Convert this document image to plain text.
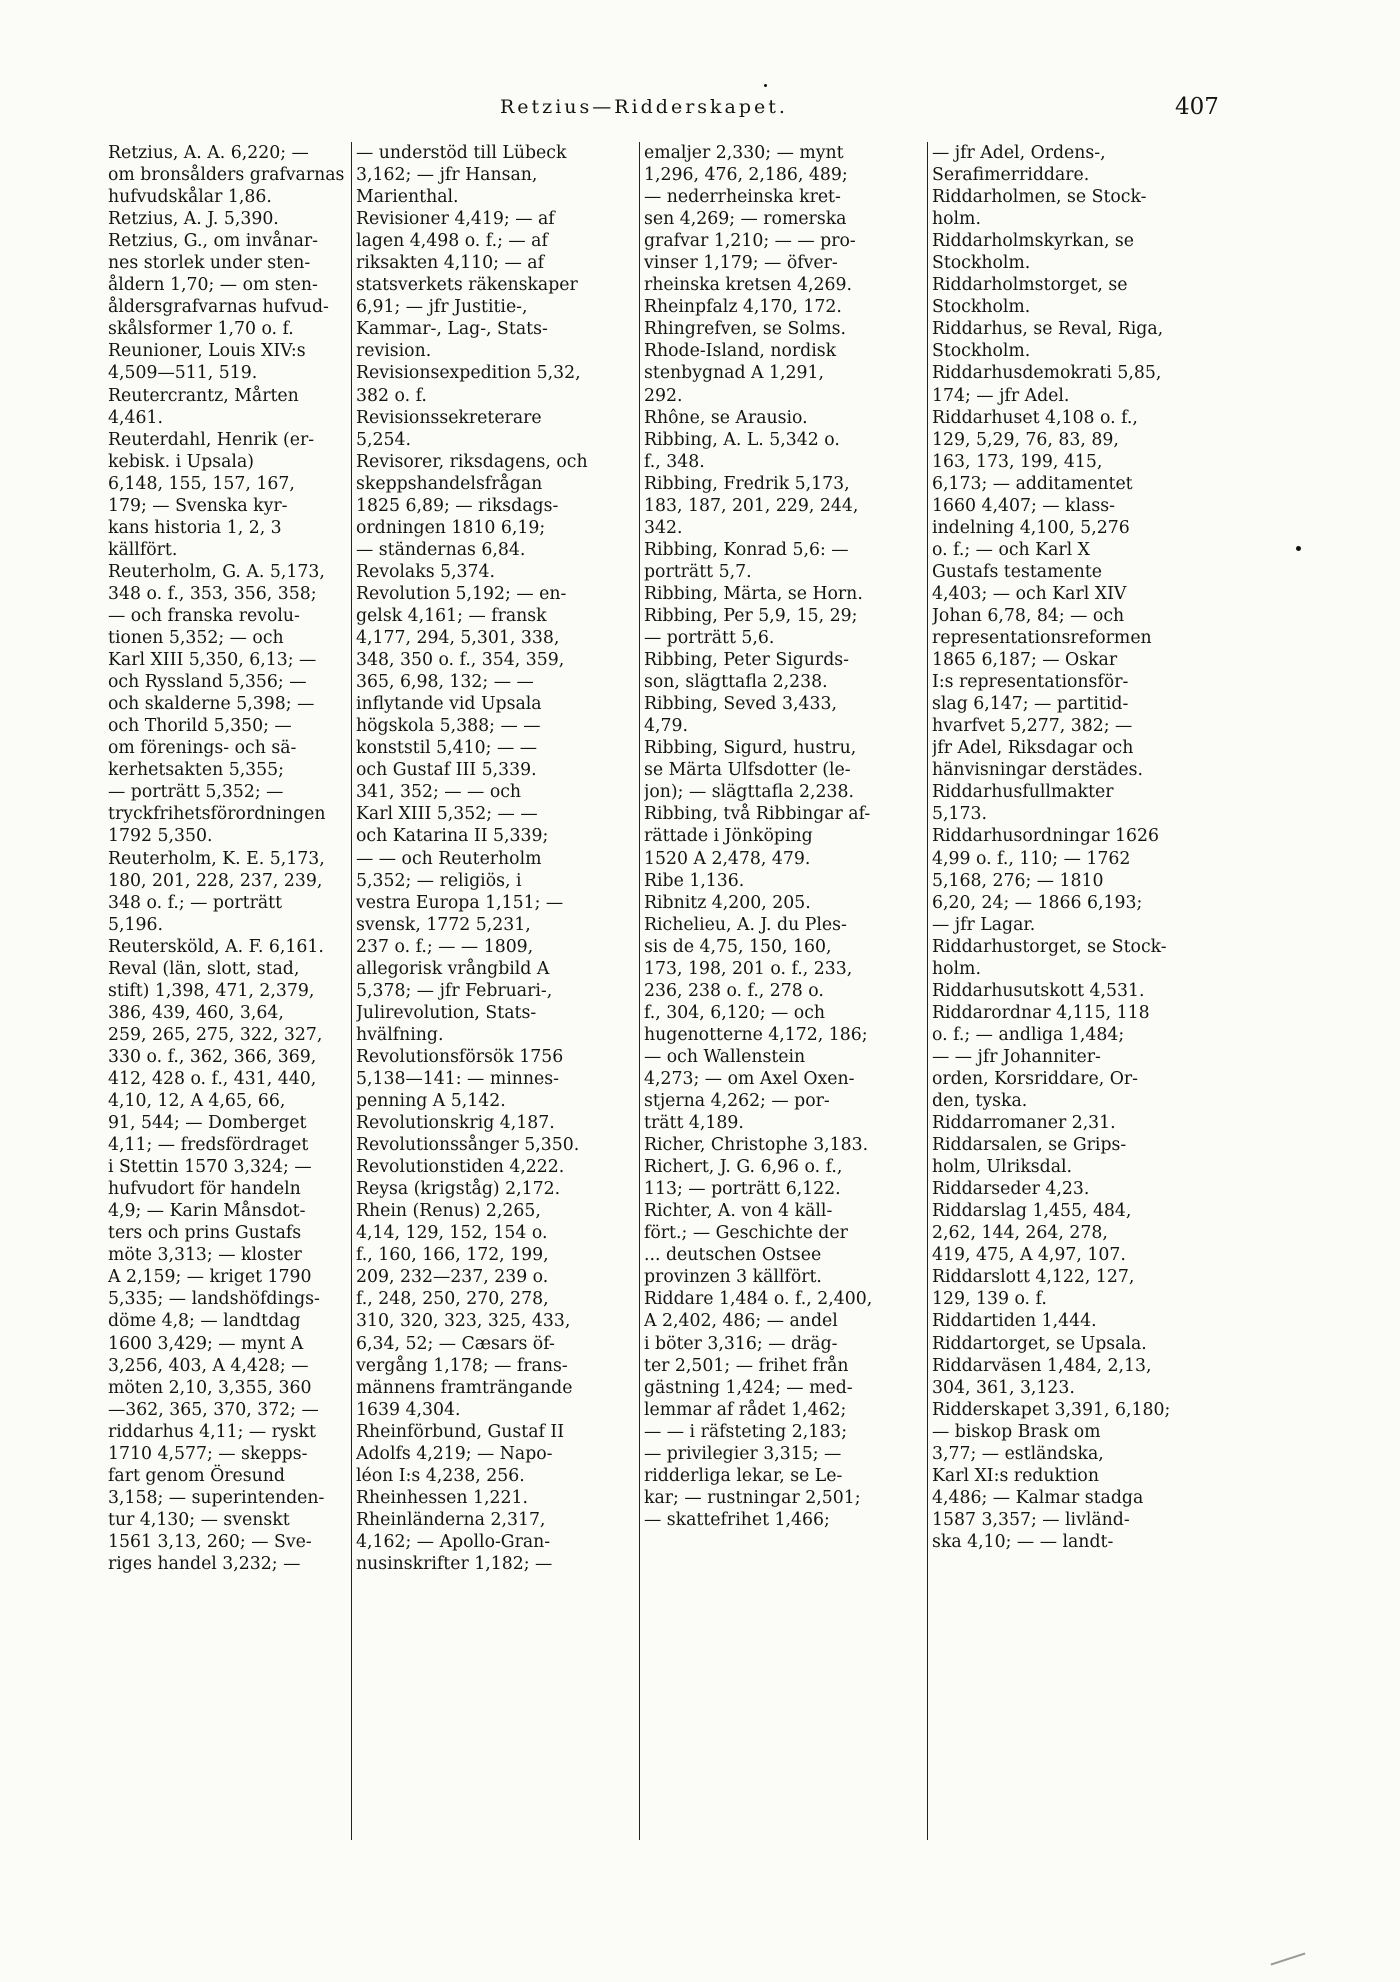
Retzius—Ridderskapet.	407
Retzius, A. A. 6,220; —
om bronsålders grafvarnas
hufvudskålar 1,86.
Retzius, A. J. 5,390.
Retzius, G., om invånar-
nes storlek under sten-
åldern 1,70; — om sten-
åldersgrafvarnas hufvud-
skålsformer 1,70 o. f.
Reunioner, Louis XIV:s
4,509—511, 519.
Reutercrantz, Mårten
4,461.
Reuterdahl, Henrik (er-
kebisk. i Upsala)
6,148, 155, 157, 167,
179; — Svenska kyr-
kans historia 1, 2, 3
källfört.
Reuterholm, G. A. 5,173,
348 o. f., 353, 356, 358;
— och franska revolu-
tionen 5,352; — och
Karl XIII 5,350, 6,13; —
och Ryssland 5,356; —
och skalderne 5,398; —
och Thorild 5,350; —
om förenings- och sä-
kerhetsakten 5,355;
— porträtt 5,352; —
tryckfrihetsförordningen
1792 5,350.
Reuterholm, K. E. 5,173,
180, 201, 228, 237, 239,
348 o. f.; — porträtt
5,196.
Reutersköld, A. F. 6,161.
Reval (län, slott, stad,
stift) 1,398, 471, 2,379,
386, 439, 460, 3,64,
259, 265, 275, 322, 327,
330 o. f., 362, 366, 369,
412, 428 o. f., 431, 440,
4,10, 12, A 4,65, 66,
91, 544; — Domberget
4,11; — fredsfördraget
i Stettin 1570 3,324; —
hufvudort för handeln
4,9; — Karin Månsdot-
ters och prins Gustafs
möte 3,313; — kloster
A 2,159; — kriget 1790
5,335; — landshöfdings-
döme 4,8; — landtdag
1600 3,429; — mynt A
3,256, 403, A 4,428; —
möten 2,10, 3,355, 360
—362, 365, 370, 372; —
riddarhus 4,11; — ryskt
1710 4,577; — skepps-
fart genom Öresund
3,158; — superintenden-
tur 4,130; — svenskt
1561 3,13, 260; — Sve-
riges handel 3,232; —
— understöd till Lübeck
3,162; — jfr Hansan,
Marienthal.
Revisioner 4,419; — af
lagen 4,498 o. f.; — af
riksakten 4,110; — af
statsverkets räkenskaper
6,91; — jfr Justitie-,
Kammar-, Lag-, Stats-
revision.
Revisionsexpedition 5,32,
382 o. f.
Revisionssekreterare
5,254.
Revisorer, riksdagens, och
skeppshandelsfrågan
1825 6,89; — riksdags-
ordningen 1810 6,19;
— ständernas 6,84.
Revolaks 5,374.
Revolution 5,192; — en-
gelsk 4,161; — fransk
4,177, 294, 5,301, 338,
348, 350 o. f., 354, 359,
365, 6,98, 132; — —
inflytande vid Upsala
högskola 5,388; — —
konststil 5,410; — —
och Gustaf III 5,339.
341, 352; — — och
Karl XIII 5,352; — —
och Katarina II 5,339;
— — och Reuterholm
5,352; — religiös, i
vestra Europa 1,151; —
svensk, 1772 5,231,
237 o. f.; — — 1809,
allegorisk vrångbild A
5,378; — jfr Februari-,
Julirevolution, Stats-
hvälfning.
Revolutionsförsök 1756
5,138—141: — minnes-
penning A 5,142.
Revolutionskrig 4,187.
Revolutionssånger 5,350.
Revolutionstiden 4,222.
Reysa (krigståg) 2,172.
Rhein (Renus) 2,265,
4,14, 129, 152, 154 o.
f., 160, 166, 172, 199,
209, 232—237, 239 o.
f., 248, 250, 270, 278,
310, 320, 323, 325, 433,
6,34, 52; — Cæsars öf-
vergång 1,178; — frans-
männens framträngande
1639 4,304.
Rheinförbund, Gustaf II
Adolfs 4,219; — Napo-
léon I:s 4,238, 256.
Rheinhessen 1,221.
Rheinländerna 2,317,
4,162; — Apollo-Gran-
nusinskrifter 1,182; —
emaljer 2,330; — mynt
1,296, 476, 2,186, 489;
— nederrheinska kret-
sen 4,269; — romerska
grafvar 1,210; — — pro-
vinser 1,179; — öfver-
rheinska kretsen 4,269.
Rheinpfalz 4,170, 172.
Rhingrefven, se Solms.
Rhode-Island, nordisk
stenbygnad A 1,291,
292.
Rhône, se Arausio.
Ribbing, A. L. 5,342 o.
f., 348.
Ribbing, Fredrik 5,173,
183, 187, 201, 229, 244,
342.
Ribbing, Konrad 5,6: —
porträtt 5,7.
Ribbing, Märta, se Horn.
Ribbing, Per 5,9, 15, 29;
— porträtt 5,6.
Ribbing, Peter Sigurds-
son, slägttafla 2,238.
Ribbing, Seved 3,433,
4,79.
Ribbing, Sigurd, hustru,
se Märta Ulfsdotter (le-
jon); — slägttafla 2,238.
Ribbing, två Ribbingar af-
rättade i Jönköping
1520 A 2,478, 479.
Ribe 1,136.
Ribnitz 4,200, 205.
Richelieu, A. J. du Ples-
sis de 4,75, 150, 160,
173, 198, 201 o. f., 233,
236, 238 o. f., 278 o.
f., 304, 6,120; — och
hugenotterne 4,172, 186;
— och Wallenstein
4,273; — om Axel Oxen-
stjerna 4,262; — por-
trätt 4,189.
Richer, Christophe 3,183.
Richert, J. G. 6,96 o. f.,
113; — porträtt 6,122.
Richter, A. von 4 käll-
fört.; — Geschichte der
... deutschen Ostsee
provinzen 3 källfört.
Riddare 1,484 o. f., 2,400,
A 2,402, 486; — andel
i böter 3,316; — dräg-
ter 2,501; — frihet från
gästning 1,424; — med-
lemmar af rådet 1,462;
— — i räfsteting 2,183;
— privilegier 3,315; —
ridderliga lekar, se Le-
kar; — rustningar 2,501;
— skattefrihet 1,466;
— jfr Adel, Ordens-,
Serafimerriddare.
Riddarholmen, se Stock-
holm.
Riddarholmskyrkan, se
Stockholm.
Riddarholmstorget, se
Stockholm.
Riddarhus, se Reval, Riga,
Stockholm.
Riddarhusdemokrati 5,85,
174; — jfr Adel.
Riddarhuset 4,108 o. f.,
129, 5,29, 76, 83, 89,
163, 173, 199, 415,
6,173; — additamentet
1660 4,407; — klass-
indelning 4,100, 5,276
o. f.; — och Karl X
Gustafs testamente
4,403; — och Karl XIV
Johan 6,78, 84; — och
representationsreformen
1865 6,187; — Oskar
I:s representationsför-
slag 6,147; — partitid-
hvarfvet 5,277, 382; —
jfr Adel, Riksdagar och
hänvisningar derstädes.
Riddarhusfullmakter
5,173.
Riddarhusordningar 1626
4,99 o. f., 110; — 1762
5,168, 276; — 1810
6,20, 24; — 1866 6,193;
— jfr Lagar.
Riddarhustorget, se Stock-
holm.
Riddarhusutskott 4,531.
Riddarordnar 4,115, 118
o. f.; — andliga 1,484;
— — jfr Johanniter-
orden, Korsriddare, Or-
den, tyska.
Riddarromaner 2,31.
Riddarsalen, se Grips-
holm, Ulriksdal.
Riddarseder 4,23.
Riddarslag 1,455, 484,
2,62, 144, 264, 278,
419, 475, A 4,97, 107.
Riddarslott 4,122, 127,
129, 139 o. f.
Riddartiden 1,444.
Riddartorget, se Upsala.
Riddarväsen 1,484, 2,13,
304, 361, 3,123.
Ridderskapet 3,391, 6,180;
— biskop Brask om
3,77; — estländska,
Karl XI:s reduktion
4,486; — Kalmar stadga
1587 3,357; — livländ-
ska 4,10; — — landt-
